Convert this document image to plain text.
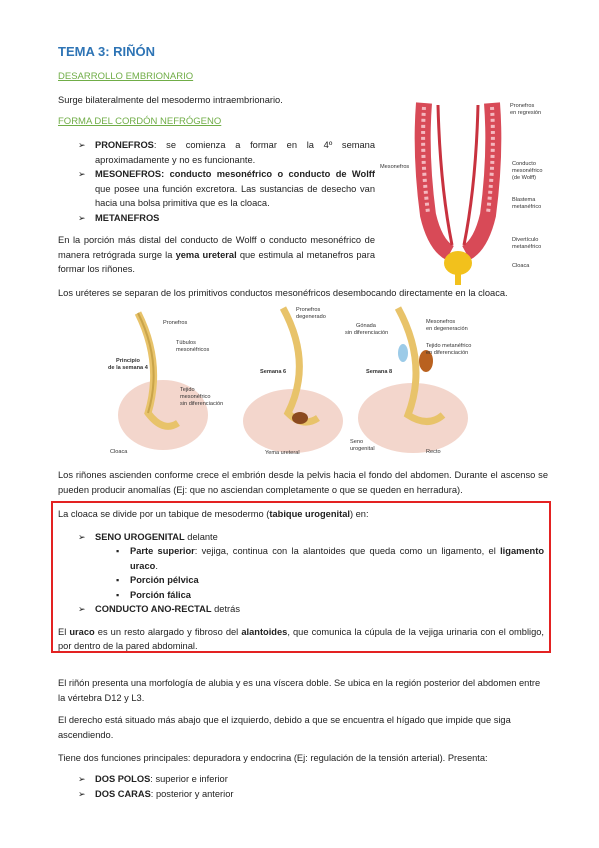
TEMA 3: RIÑÓN
DESARROLLO EMBRIONARIO
Surge bilateralmente del mesodermo intraembrionario.
FORMA DEL CORDÓN NEFRÓGENO
➢ PRONEFROS: se comienza a formar en la 4º semana aproximadamente y no es funcionante.
➢ MESONEFROS: conducto mesonéfrico o conducto de Wolff que posee una función excretora. Las sustancias de desecho van hacia una bolsa primitiva que es la cloaca.
➢ METANEFROS
En la porción más distal del conducto de Wolff o conducto mesonéfrico de manera retrógrada surge la yema ureteral que estimula al metanefros para formar los riñones.
Pronefros
en regresión
Mesonefros	Conducto
mesonéfrico
(de Wolff)
Blastema
metanéfrico
Divertículo
metanéfrico
Cloaca
Los uréteres se separan de los primitivos conductos mesonéfricos desembocando directamente en la cloaca.
Pronefros
Túbulos
mesonéfricos
Principio
de la semana 4
Tejido
mesonéfrico
sin diferenciación
Cloaca
Pronefros
degenerado
Semana 6
Yema ureteral
Gónada
sin diferenciación
Mesonefros
en degeneración
Tejido metanéfrico
en diferenciación
Semana 8
Seno
urogenital	Recto
Los riñones ascienden conforme crece el embrión desde la pelvis hacia el fondo del abdomen. Durante el ascenso se pueden producir anomalías (Ej: que no asciendan completamente o que se queden en herradura).
La cloaca se divide por un tabique de mesodermo (tabique urogenital) en:
➢ SENO UROGENITAL delante
▪ Parte superior: vejiga, continua con la alantoides que queda como un ligamento, el ligamento uraco.
▪ Porción pélvica
▪ Porción fálica
➢ CONDUCTO ANO-RECTAL detrás
El uraco es un resto alargado y fibroso del alantoides, que comunica la cúpula de la vejiga urinaria con el ombligo, por dentro de la pared abdominal.
El riñón presenta una morfología de alubia y es una víscera doble. Se ubica en la región posterior del abdomen entre la vértebra D12 y L3.
El derecho está situado más abajo que el izquierdo, debido a que se encuentra el hígado que impide que siga ascendiendo.
Tiene dos funciones principales: depuradora y endocrina (Ej: regulación de la tensión arterial). Presenta:
➢ DOS POLOS: superior e inferior
➢ DOS CARAS: posterior y anterior
